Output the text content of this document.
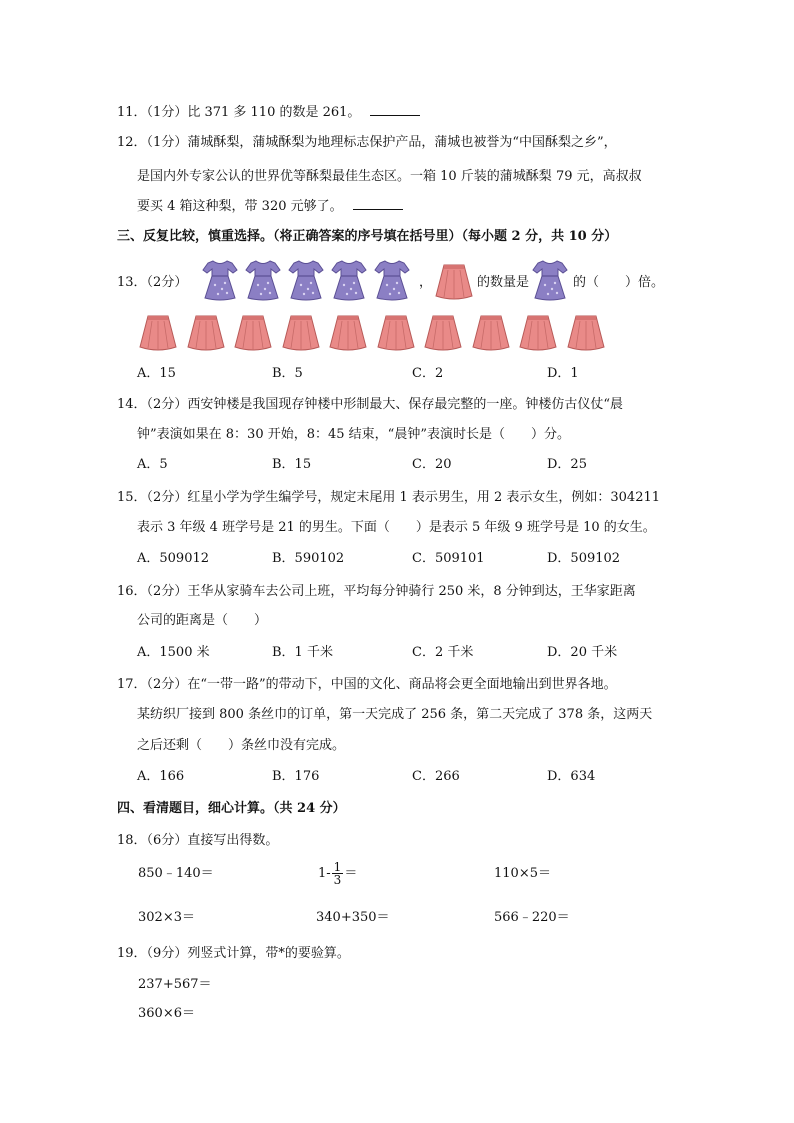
11．（1分）比 371 多 110 的数是 261。
12．（1分）蒲城酥梨，蒲城酥梨为地理标志保护产品，蒲城也被誉为“中国酥梨之乡”，
是国内外专家公认的世界优等酥梨最佳生态区。一箱 10 斤装的蒲城酥梨 79 元，高叔叔
要买 4 箱这种梨，带 320 元够了。
三、反复比较，慎重选择。（将正确答案的序号填在括号里）（每小题 2 分，共 10 分）
13．（2分）	，	的数量是	的（　　）倍。
A．15	B．5	C．2	D．1
14．（2分）西安钟楼是我国现存钟楼中形制最大、保存最完整的一座。钟楼仿古仪仗“晨
钟”表演如果在 8：30 开始，8：45 结束，“晨钟”表演时长是（　　）分。
A．5	B．15	C．20	D．25
15．（2分）红星小学为学生编学号，规定末尾用 1 表示男生，用 2 表示女生，例如：304211
表示 3 年级 4 班学号是 21 的男生。下面（　　）是表示 5 年级 9 班学号是 10 的女生。
A．509012	B．590102	C．509101	D．509102
16．（2分）王华从家骑车去公司上班，平均每分钟骑行 250 米，8 分钟到达，王华家距离
公司的距离是（　　）
A．1500 米	B．1 千米	C．2 千米	D．20 千米
17．（2分）在“一带一路”的带动下，中国的文化、商品将会更全面地输出到世界各地。
某纺织厂接到 800 条丝巾的订单，第一天完成了 256 条，第二天完成了 378 条，这两天
之后还剩（　　）条丝巾没有完成。
A．166	B．176	C．266	D．634
四、看清题目，细心计算。（共 24 分）
18．（6分）直接写出得数。
850﹣140＝	$1- \frac{1}{3}$ ＝	110×5＝
302×3＝	340+350＝	566﹣220＝
19．（9分）列竖式计算，带*的要验算。
237+567＝
360×6＝
